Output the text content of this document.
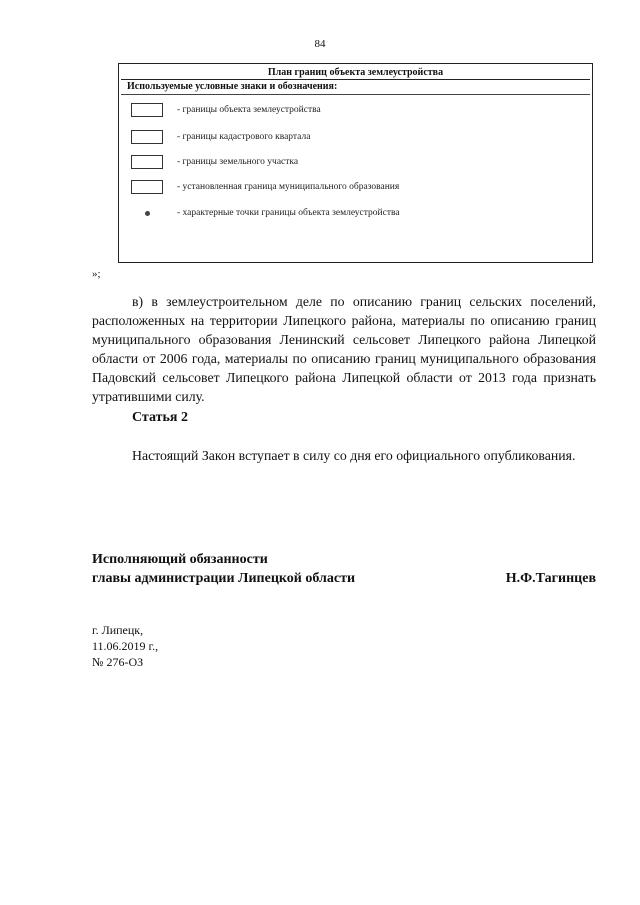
84
План границ объекта землеустройства
Используемые условные знаки и обозначения:
- границы объекта землеустройства
- границы кадастрового квартала
- границы земельного участка
- установленная граница муниципального образования
- характерные точки границы объекта землеустройства
»;
в) в землеустроительном деле по описанию границ сельских поселений, расположенных на территории Липецкого района, материалы по описанию границ муниципального образования Ленинский сельсовет Липецкого района Липецкой области от 2006 года, материалы по описанию границ муниципального образования Падовский сельсовет Липецкого района Липецкой области от 2013 года признать утратившими силу.
Статья 2
Настоящий Закон вступает в силу со дня его официального опубликования.
Исполняющий обязанности
главы администрации Липецкой области	Н.Ф.Тагинцев
г. Липецк,
11.06.2019 г.,
№ 276-ОЗ
